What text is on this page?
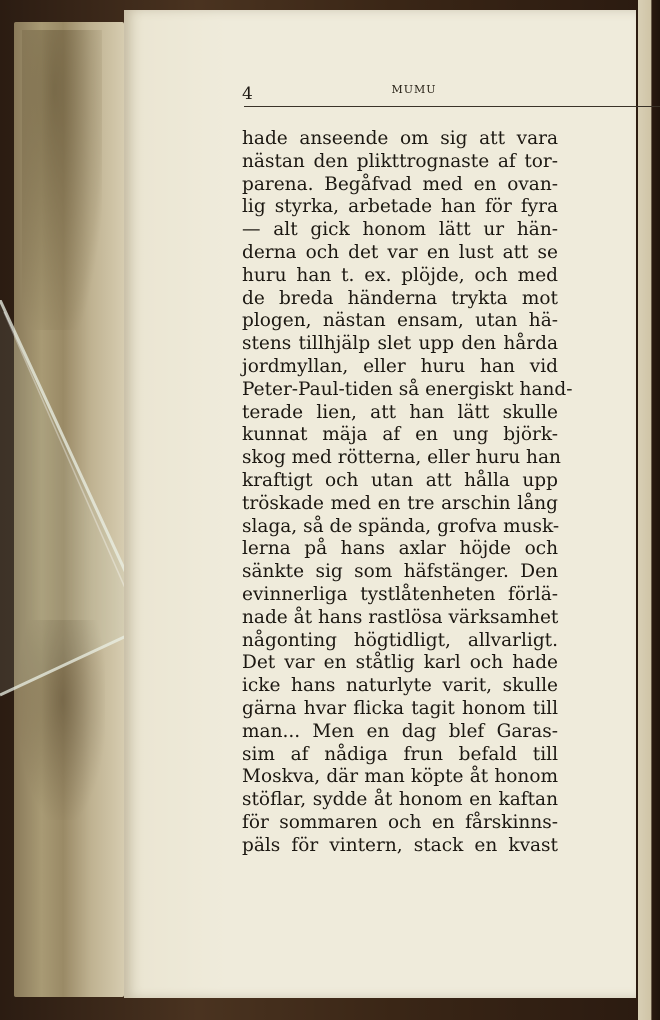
4	MUMU
hade anseende om sig att vara
nästan den plikttrognaste af tor-
parena. Begåfvad med en ovan-
lig styrka, arbetade han för fyra
— alt gick honom lätt ur hän-
derna och det var en lust att se
huru han t. ex. plöjde, och med
de breda händerna trykta mot
plogen, nästan ensam, utan hä-
stens tillhjälp slet upp den hårda
jordmyllan, eller huru han vid
Peter-Paul-tiden så energiskt hand-
terade lien, att han lätt skulle
kunnat mäja af en ung björk-
skog med rötterna, eller huru han
kraftigt och utan att hålla upp
tröskade med en tre arschin lång
slaga, så de spända, grofva musk-
lerna på hans axlar höjde och
sänkte sig som häfstänger. Den
evinnerliga tystlåtenheten förlä-
nade åt hans rastlösa värksamhet
någonting högtidligt, allvarligt.
Det var en ståtlig karl och hade
icke hans naturlyte varit, skulle
gärna hvar flicka tagit honom till
man... Men en dag blef Garas-
sim af nådiga frun befald till
Moskva, där man köpte åt honom
stöflar, sydde åt honom en kaftan
för sommaren och en fårskinns-
päls för vintern, stack en kvast
